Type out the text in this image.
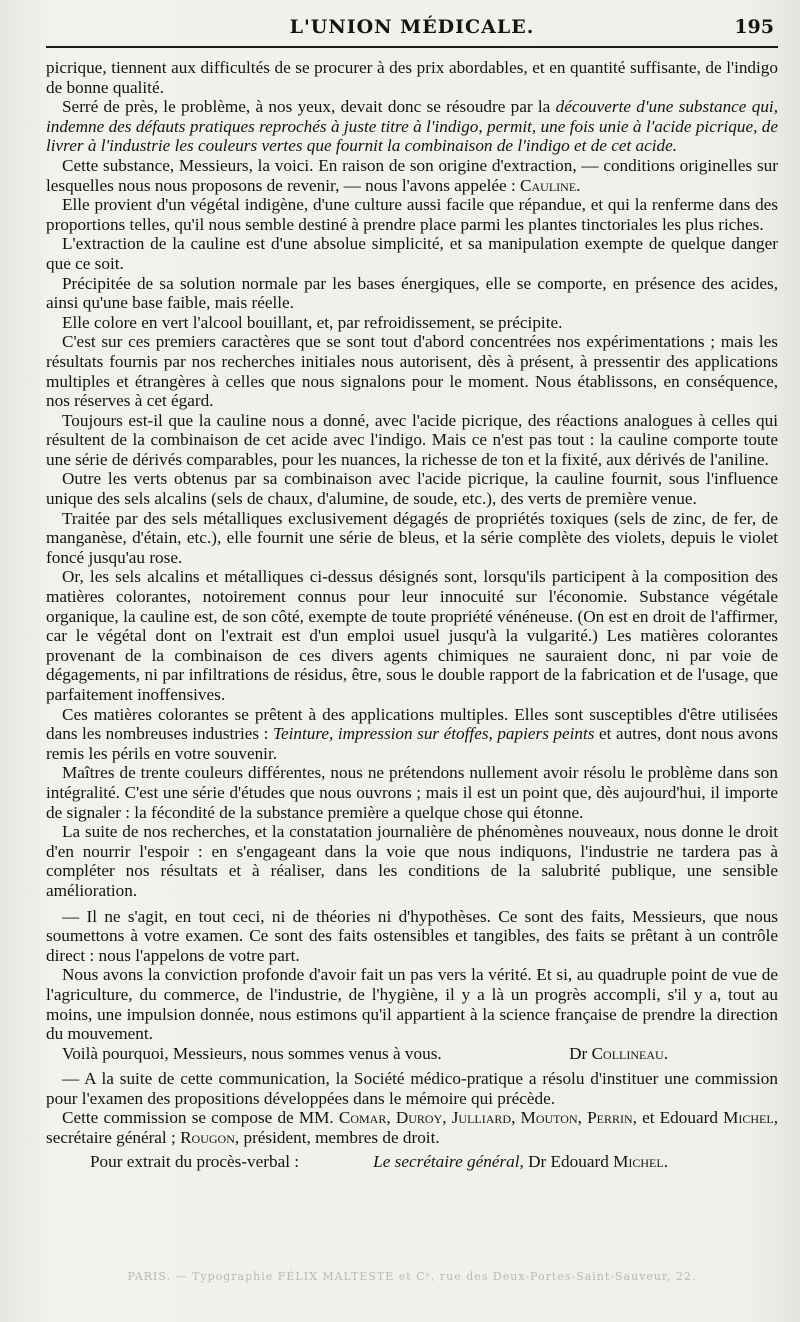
L'UNION MÉDICALE.	195

picrique, tiennent aux difficultés de se procurer à des prix abordables, et en quantité suffisante, de l'indigo de bonne qualité.

Serré de près, le problème, à nos yeux, devait donc se résoudre par la découverte d'une substance qui, indemne des défauts pratiques reprochés à juste titre à l'indigo, permit, une fois unie à l'acide picrique, de livrer à l'industrie les couleurs vertes que fournit la combinaison de l'indigo et de cet acide.

Cette substance, Messieurs, la voici. En raison de son origine d'extraction, — conditions originelles sur lesquelles nous nous proposons de revenir, — nous l'avons appelée : Cauline.

Elle provient d'un végétal indigène, d'une culture aussi facile que répandue, et qui la renferme dans des proportions telles, qu'il nous semble destiné à prendre place parmi les plantes tinctoriales les plus riches.

L'extraction de la cauline est d'une absolue simplicité, et sa manipulation exempte de quelque danger que ce soit.

Précipitée de sa solution normale par les bases énergiques, elle se comporte, en présence des acides, ainsi qu'une base faible, mais réelle.

Elle colore en vert l'alcool bouillant, et, par refroidissement, se précipite.

C'est sur ces premiers caractères que se sont tout d'abord concentrées nos expérimentations ; mais les résultats fournis par nos recherches initiales nous autorisent, dès à présent, à pressentir des applications multiples et étrangères à celles que nous signalons pour le moment. Nous établissons, en conséquence, nos réserves à cet égard.

Toujours est-il que la cauline nous a donné, avec l'acide picrique, des réactions analogues à celles qui résultent de la combinaison de cet acide avec l'indigo. Mais ce n'est pas tout : la cauline comporte toute une série de dérivés comparables, pour les nuances, la richesse de ton et la fixité, aux dérivés de l'aniline.

Outre les verts obtenus par sa combinaison avec l'acide picrique, la cauline fournit, sous l'influence unique des sels alcalins (sels de chaux, d'alumine, de soude, etc.), des verts de première venue.

Traitée par des sels métalliques exclusivement dégagés de propriétés toxiques (sels de zinc, de fer, de manganèse, d'étain, etc.), elle fournit une série de bleus, et la série complète des violets, depuis le violet foncé jusqu'au rose.

Or, les sels alcalins et métalliques ci-dessus désignés sont, lorsqu'ils participent à la composition des matières colorantes, notoirement connus pour leur innocuité sur l'économie. Substance végétale organique, la cauline est, de son côté, exempte de toute propriété vénéneuse. (On est en droit de l'affirmer, car le végétal dont on l'extrait est d'un emploi usuel jusqu'à la vulgarité.) Les matières colorantes provenant de la combinaison de ces divers agents chimiques ne sauraient donc, ni par voie de dégagements, ni par infiltrations de résidus, être, sous le double rapport de la fabrication et de l'usage, que parfaitement inoffensives.

Ces matières colorantes se prêtent à des applications multiples. Elles sont susceptibles d'être utilisées dans les nombreuses industries : Teinture, impression sur étoffes, papiers peints et autres, dont nous avons remis les périls en votre souvenir.

Maîtres de trente couleurs différentes, nous ne prétendons nullement avoir résolu le problème dans son intégralité. C'est une série d'études que nous ouvrons ; mais il est un point que, dès aujourd'hui, il importe de signaler : la fécondité de la substance première a quelque chose qui étonne.

La suite de nos recherches, et la constatation journalière de phénomènes nouveaux, nous donne le droit d'en nourrir l'espoir : en s'engageant dans la voie que nous indiquons, l'industrie ne tardera pas à compléter nos résultats et à réaliser, dans les conditions de la salubrité publique, une sensible amélioration.

— Il ne s'agit, en tout ceci, ni de théories ni d'hypothèses. Ce sont des faits, Messieurs, que nous soumettons à votre examen. Ce sont des faits ostensibles et tangibles, des faits se prêtant à un contrôle direct : nous l'appelons de votre part.

Nous avons la conviction profonde d'avoir fait un pas vers la vérité. Et si, au quadruple point de vue de l'agriculture, du commerce, de l'industrie, de l'hygiène, il y a là un progrès accompli, s'il y a, tout au moins, une impulsion donnée, nous estimons qu'il appartient à la science française de prendre la direction du mouvement.

Voilà pourquoi, Messieurs, nous sommes venus à vous.	Dr Collineau.

— A la suite de cette communication, la Société médico-pratique a résolu d'instituer une commission pour l'examen des propositions développées dans le mémoire qui précède.

Cette commission se compose de MM. Comar, Duroy, Julliard, Mouton, Perrin, et Edouard Michel, secrétaire général ; Rougon, président, membres de droit.

Pour extrait du procès-verbal :	Le secrétaire général, Dr Edouard Michel.
PARIS. — Typographie FÉLIX MALTESTE et Cᵉ, rue des Deux-Portes-Saint-Sauveur, 22.
